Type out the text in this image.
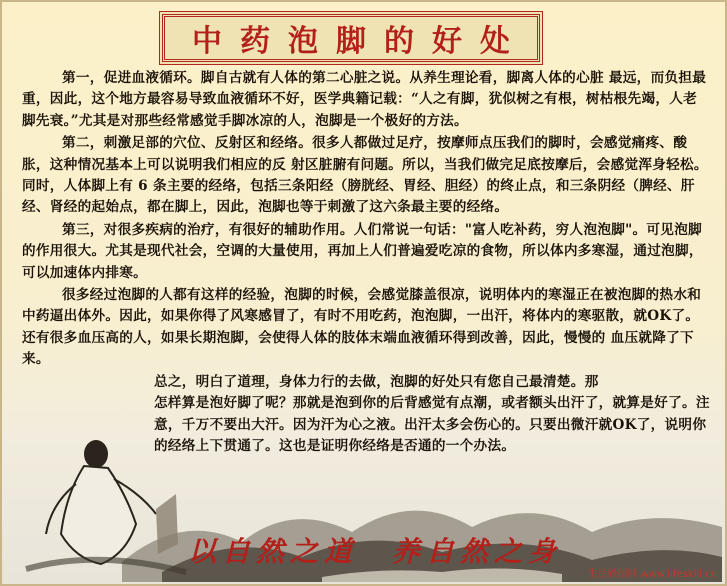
中药泡脚的好处

第一，促进血液循环。脚自古就有人体的第二心脏之说。从养生理论看，脚离人体的心脏 最远，而负担最重，因此，这个地方最容易导致血液循环不好，医学典籍记载：“人之有脚，犹似树之有根，树枯根先竭，人老脚先衰。”尤其是对那些经常感觉手脚冰凉的人，泡脚是一个极好的方法。

第二，刺激足部的穴位、反射区和经络。很多人都做过足疗，按摩师点压我们的脚时，会感觉痛疼、酸胀，这种情况基本上可以说明我们相应的反 射区脏腑有问题。所以，当我们做完足底按摩后，会感觉浑身轻松。同时，人体脚上有 6 条主要的经络，包括三条阳经（膀胱经、胃经、胆经）的终止点，和三条阴经（脾经、肝经、肾经的起始点，都在脚上，因此，泡脚也等于刺激了这六条最主要的经络。

第三，对很多疾病的治疗，有很好的辅助作用。人们常说一句话："富人吃补药，穷人泡泡脚"。可见泡脚的作用很大。尤其是现代社会，空调的大量使用，再加上人们普遍爱吃凉的食物，所以体内多寒湿，通过泡脚，可以加速体内排寒。

很多经过泡脚的人都有这样的经验，泡脚的时候，会感觉膝盖很凉，说明体内的寒湿正在被泡脚的热水和中药逼出体外。因此，如果你得了风寒感冒了，有时不用吃药，泡泡脚，一出汗，将体内的寒驱散，就OK了。还有很多血压高的人，如果长期泡脚，会使得人体的肢体末端血液循环得到改善，因此，慢慢的 血压就降了下来。

总之，明白了道理，身体力行的去做，泡脚的好处只有您自己最清楚。那
怎样算是泡好脚了呢？那就是泡到你的后背感觉有点潮，或者额头出汗了，就算是好了。注意，千万不要出大汗。因为汗为心之液。出汗太多会伤心的。只要出微汗就OK了，说明你的经络上下贯通了。这也是证明你经络是否通的一个办法。

以自然之道　养自然之身
生活妙招网 www.lifeskill.cn
